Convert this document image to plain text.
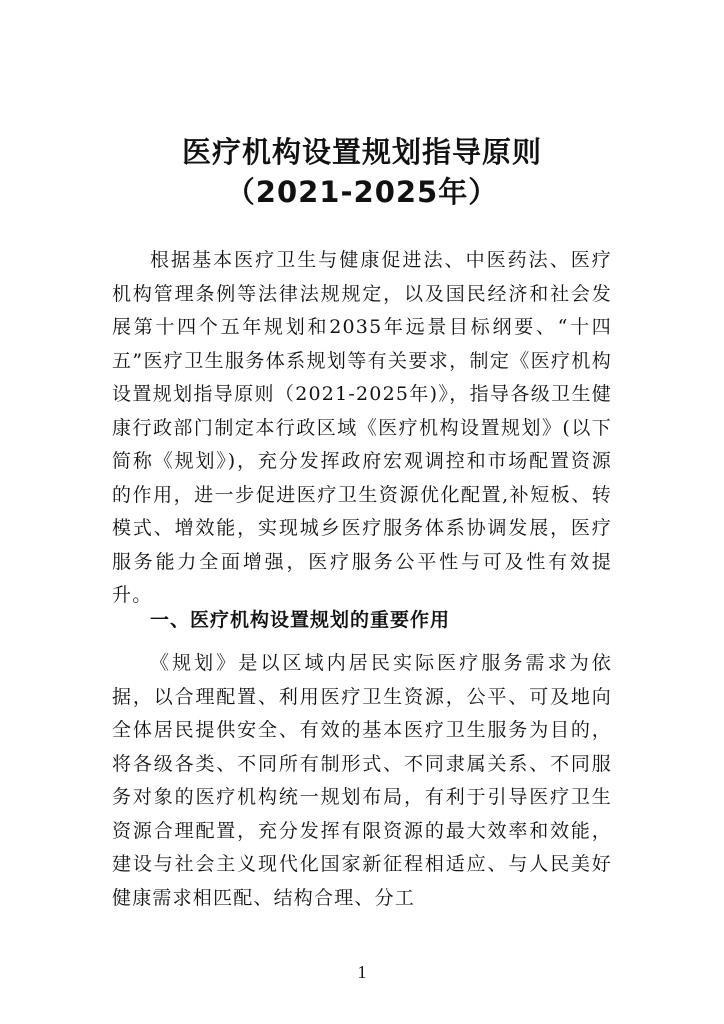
医疗机构设置规划指导原则
（2021-2025年）

根据基本医疗卫生与健康促进法、中医药法、医疗机构管理条例等法律法规规定，以及国民经济和社会发展第十四个五年规划和2035年远景目标纲要、“十四五”医疗卫生服务体系规划等有关要求，制定《医疗机构设置规划指导原则（2021-2025年)》，指导各级卫生健康行政部门制定本行政区域《医疗机构设置规划》(以下简称《规划》)，充分发挥政府宏观调控和市场配置资源的作用，进一步促进医疗卫生资源优化配置,补短板、转模式、增效能，实现城乡医疗服务体系协调发展，医疗服务能力全面增强，医疗服务公平性与可及性有效提升。

一、医疗机构设置规划的重要作用

《规划》是以区域内居民实际医疗服务需求为依据，以合理配置、利用医疗卫生资源，公平、可及地向全体居民提供安全、有效的基本医疗卫生服务为目的，将各级各类、不同所有制形式、不同隶属关系、不同服务对象的医疗机构统一规划布局，有利于引导医疗卫生资源合理配置，充分发挥有限资源的最大效率和效能，建设与社会主义现代化国家新征程相适应、与人民美好健康需求相匹配、结构合理、分工

1
